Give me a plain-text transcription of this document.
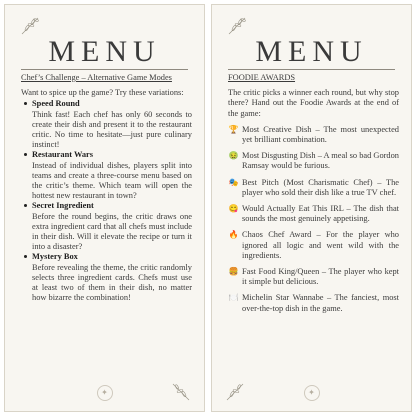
MENU
Chef’s Challenge – Alternative Game Modes
Want to spice up the game? Try these variations:
Speed Round
Think fast! Each chef has only 60 seconds to create their dish and present it to the restaurant critic. No time to hesitate—just pure culinary instinct!
Restaurant Wars
Instead of individual dishes, players split into teams and create a three-course menu based on the critic’s theme. Which team will open the hottest new restaurant in town?
Secret Ingredient
Before the round begins, the critic draws one extra ingredient card that all chefs must include in their dish. Will it elevate the recipe or turn it into a disaster?
Mystery Box
Before revealing the theme, the critic randomly selects three ingredient cards. Chefs must use at least two of them in their dish, no matter how bizarre the combination!
✦
MENU
FOODIE AWARDS
The critic picks a winner each round, but why stop there? Hand out the Foodie Awards at the end of the game:
🏆 Most Creative Dish – The most unexpected yet brilliant combination.
🤢 Most Disgusting Dish – A meal so bad Gordon Ramsay would be furious.
🎭 Best Pitch (Most Charismatic Chef) – The player who sold their dish like a true TV chef.
😋 Would Actually Eat This IRL – The dish that sounds the most genuinely appetising.
🔥 Chaos Chef Award – For the player who ignored all logic and went wild with the ingredients.
🍔 Fast Food King/Queen – The player who kept it simple but delicious.
🍽️ Michelin Star Wannabe – The fanciest, most over-the-top dish in the game.
✦
